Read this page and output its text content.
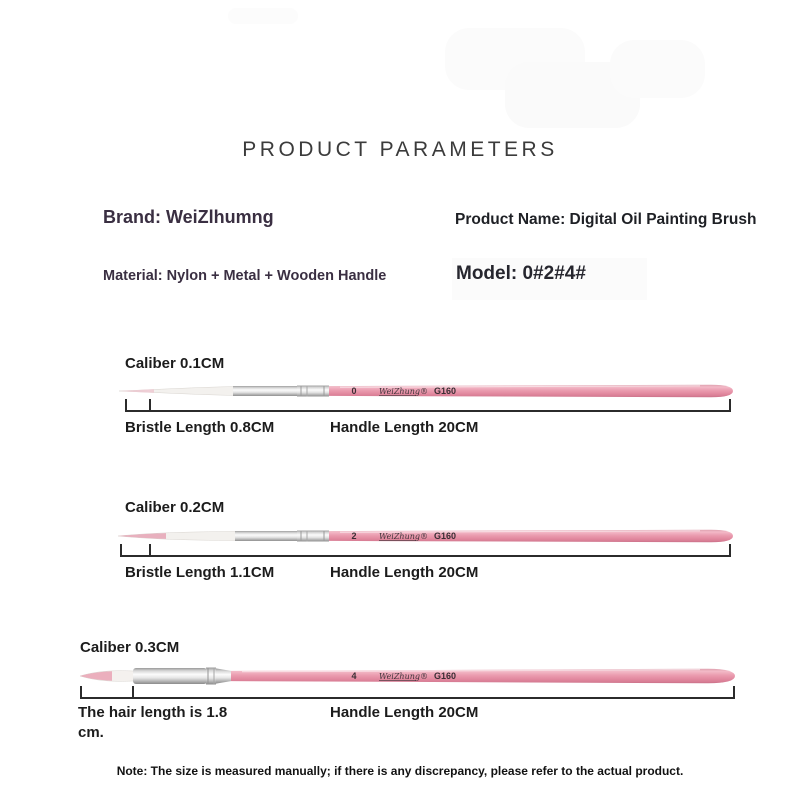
PRODUCT PARAMETERS
Brand: WeiZlhumng	Product Name: Digital Oil Painting Brush
Material: Nylon + Metal + Wooden Handle	Model: 0#2#4#
Caliber 0.1CM
0	WeiZhung® G160
Bristle Length 0.8CM	Handle Length 20CM
Caliber 0.2CM
2	WeiZhung® G160
Bristle Length 1.1CM	Handle Length 20CM
Caliber 0.3CM
4	WeiZhung® G160
The hair length is 1.8 cm.
Handle Length 20CM
Note: The size is measured manually; if there is any discrepancy, please refer to the actual product.
